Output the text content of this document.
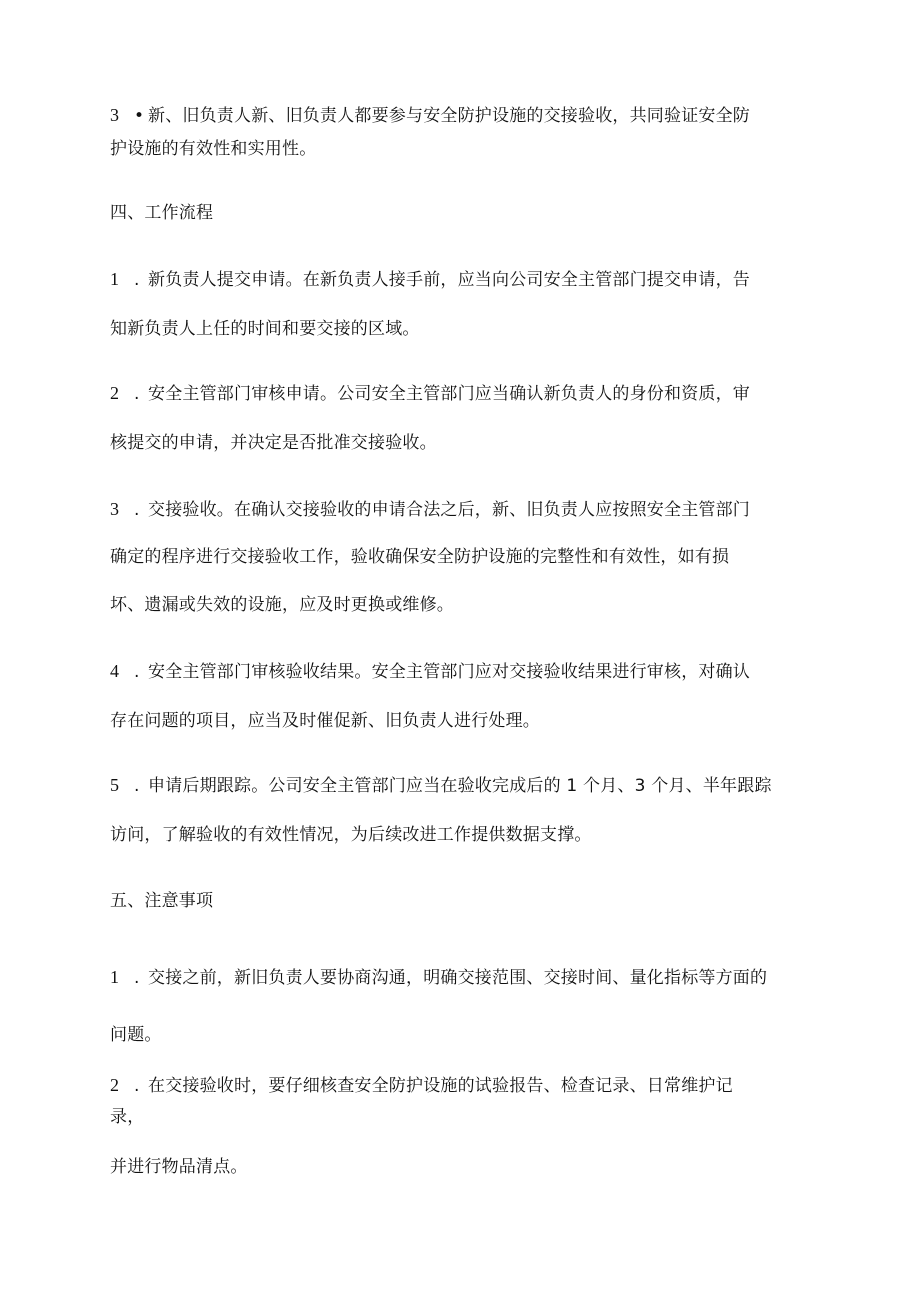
3 • 新、旧负责人新、旧负责人都要参与安全防护设施的交接验收，共同验证安全防
护设施的有效性和实用性。
四、工作流程
1 . 新负责人提交申请。在新负责人接手前，应当向公司安全主管部门提交申请，告
知新负责人上任的时间和要交接的区域。
2 . 安全主管部门审核申请。公司安全主管部门应当确认新负责人的身份和资质，审
核提交的申请，并决定是否批准交接验收。
3 . 交接验收。在确认交接验收的申请合法之后，新、旧负责人应按照安全主管部门
确定的程序进行交接验收工作，验收确保安全防护设施的完整性和有效性，如有损
坏、遗漏或失效的设施，应及时更换或维修。
4 . 安全主管部门审核验收结果。安全主管部门应对交接验收结果进行审核，对确认
存在问题的项目，应当及时催促新、旧负责人进行处理。
5 . 申请后期跟踪。公司安全主管部门应当在验收完成后的 1 个月、3 个月、半年跟踪
访问，了解验收的有效性情况，为后续改进工作提供数据支撑。
五、注意事项
1 . 交接之前，新旧负责人要协商沟通，明确交接范围、交接时间、量化指标等方面的
问题。
2 . 在交接验收时，要仔细核查安全防护设施的试验报告、检查记录、日常维护记
录，
并进行物品清点。
